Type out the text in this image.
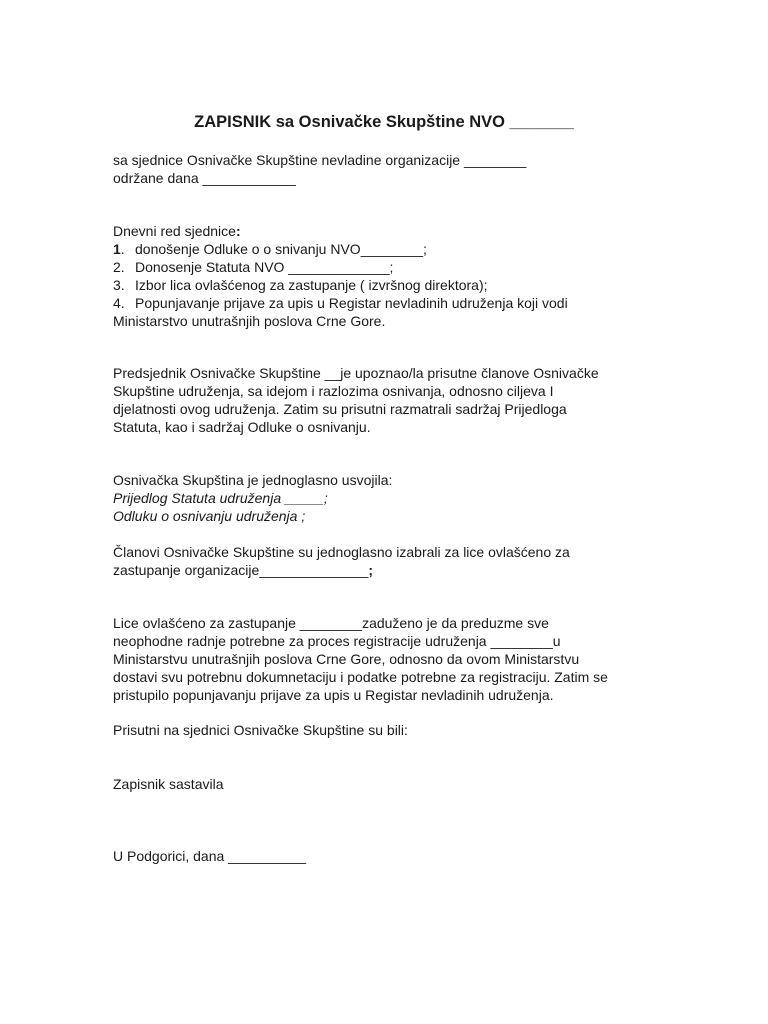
ZAPISNIK sa Osnivačke Skupštine NVO _______

sa sjednice Osnivačke Skupštine nevladine organizacije ________

održane dana ____________

Dnevni red sjednice:

1. donošenje Odluke o o snivanju NVO________;

2. Donosenje Statuta NVO _____________;

3. Izbor lica ovlašćenog za zastupanje ( izvršnog direktora);

4. Popunjavanje prijave za upis u Registar nevladinih udruženja koji vodi

Ministarstvo unutrašnjih poslova Crne Gore.

Predsjednik Osnivačke Skupštine __je upoznao/la prisutne članove Osnivačke

Skupštine udruženja, sa idejom i razlozima osnivanja, odnosno ciljeva I

djelatnosti ovog udruženja. Zatim su prisutni razmatrali sadržaj Prijedloga

Statuta, kao i sadržaj Odluke o osnivanju.

Osnivačka Skupština je jednoglasno usvojila:

Prijedlog Statuta udruženja _____;

Odluku o osnivanju udruženja ;

Članovi Osnivačke Skupštine su jednoglasno izabrali za lice ovlašćeno za

zastupanje organizacije______________;

Lice ovlašćeno za zastupanje ________zaduženo je da preduzme sve

neophodne radnje potrebne za proces registracije udruženja ________u

Ministarstvu unutrašnjih poslova Crne Gore, odnosno da ovom Ministarstvu

dostavi svu potrebnu dokumnetaciju i podatke potrebne za registraciju. Zatim se

pristupilo popunjavanju prijave za upis u Registar nevladinih udruženja.

Prisutni na sjednici Osnivačke Skupštine su bili:

Zapisnik sastavila

U Podgorici, dana __________
